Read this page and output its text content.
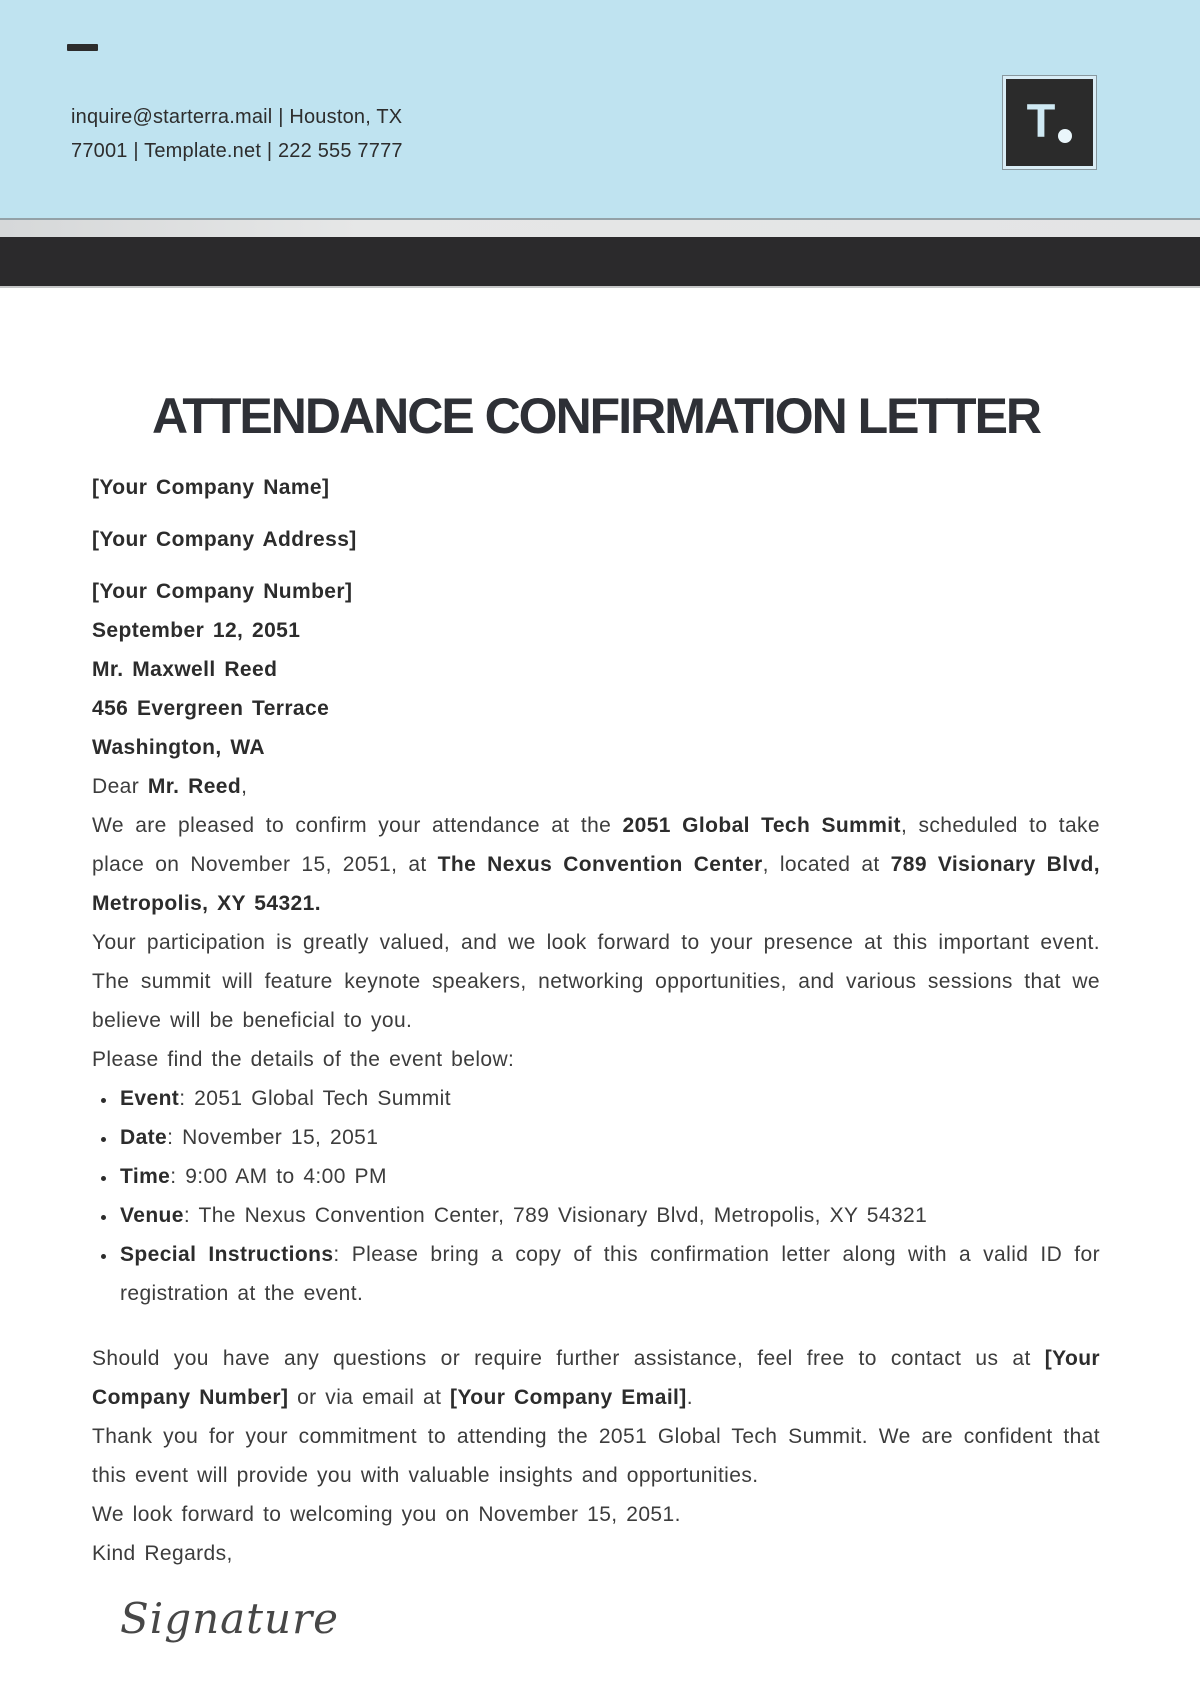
inquire@starterra.mail | Houston, TX
77001 | Template.net | 222 555 7777
T
ATTENDANCE CONFIRMATION LETTER

[Your Company Name]

[Your Company Address]

[Your Company Number]

September 12, 2051
Mr. Maxwell Reed
456 Evergreen Terrace
Washington, WA

Dear Mr. Reed,

We are pleased to confirm your attendance at the 2051 Global Tech Summit, scheduled to take place on November 15, 2051, at The Nexus Convention Center, located at 789 Visionary Blvd, Metropolis, XY 54321.

Your participation is greatly valued, and we look forward to your presence at this important event. The summit will feature keynote speakers, networking opportunities, and various sessions that we believe will be beneficial to you.

Please find the details of the event below:

• Event: 2051 Global Tech Summit
• Date: November 15, 2051
• Time: 9:00 AM to 4:00 PM
• Venue: The Nexus Convention Center, 789 Visionary Blvd, Metropolis, XY 54321
• Special Instructions: Please bring a copy of this confirmation letter along with a valid ID for registration at the event.

Should you have any questions or require further assistance, feel free to contact us at [Your Company Number] or via email at [Your Company Email].

Thank you for your commitment to attending the 2051 Global Tech Summit. We are confident that this event will provide you with valuable insights and opportunities.

We look forward to welcoming you on November 15, 2051.

Kind Regards,

Signature
